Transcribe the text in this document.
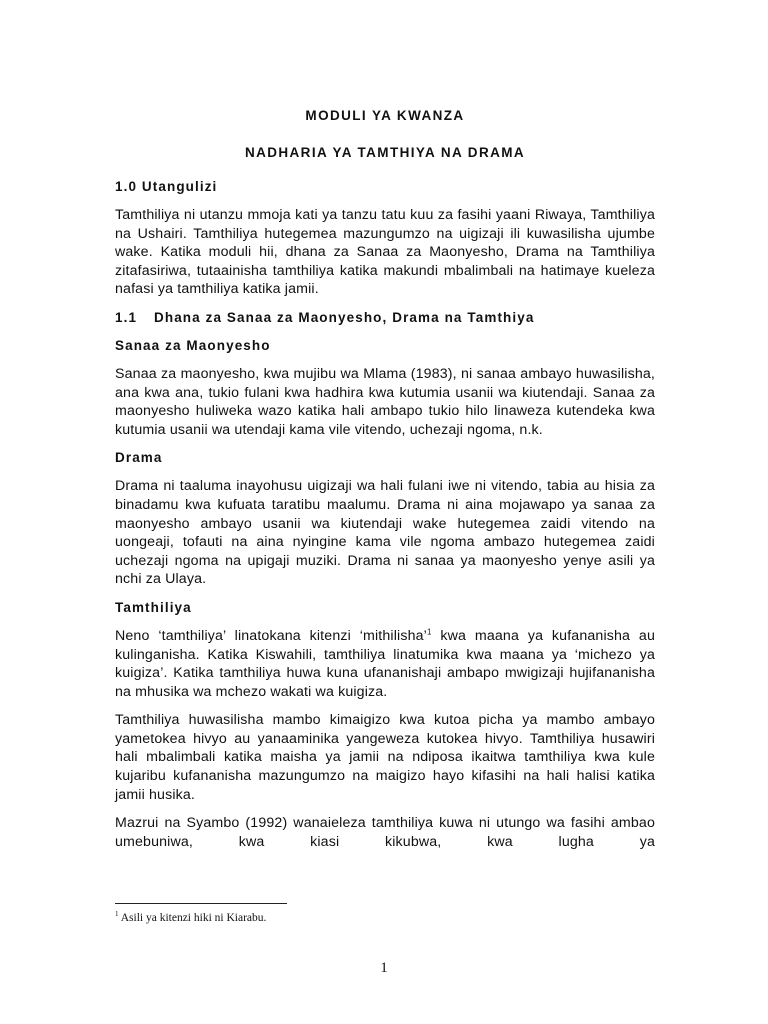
MODULI YA KWANZA

NADHARIA YA TAMTHIYA NA DRAMA

1.0 Utangulizi

Tamthiliya ni utanzu mmoja kati ya tanzu tatu kuu za fasihi yaani Riwaya, Tamthiliya na Ushairi. Tamthiliya hutegemea mazungumzo na uigizaji ili kuwasilisha ujumbe wake. Katika moduli hii, dhana za Sanaa za Maonyesho, Drama na Tamthiliya zitafasiriwa, tutaainisha tamthiliya katika makundi mbalimbali na hatimaye kueleza nafasi ya tamthiliya katika jamii.

1.1 Dhana za Sanaa za Maonyesho, Drama na Tamthiya

Sanaa za Maonyesho

Sanaa za maonyesho, kwa mujibu wa Mlama (1983), ni sanaa ambayo huwasilisha, ana kwa ana, tukio fulani kwa hadhira kwa kutumia usanii wa kiutendaji. Sanaa za maonyesho huliweka wazo katika hali ambapo tukio hilo linaweza kutendeka kwa kutumia usanii wa utendaji kama vile vitendo, uchezaji ngoma, n.k.

Drama

Drama ni taaluma inayohusu uigizaji wa hali fulani iwe ni vitendo, tabia au hisia za binadamu kwa kufuata taratibu maalumu. Drama ni aina mojawapo ya sanaa za maonyesho ambayo usanii wa kiutendaji wake hutegemea zaidi vitendo na uongeaji, tofauti na aina nyingine kama vile ngoma ambazo hutegemea zaidi uchezaji ngoma na upigaji muziki. Drama ni sanaa ya maonyesho yenye asili ya nchi za Ulaya.

Tamthiliya

Neno ‘tamthiliya’ linatokana kitenzi ‘mithilisha’$^1$ kwa maana ya kufananisha au kulinganisha. Katika Kiswahili, tamthiliya linatumika kwa maana ya ‘michezo ya kuigiza’. Katika tamthiliya huwa kuna ufananishaji ambapo mwigizaji hujifananisha na mhusika wa mchezo wakati wa kuigiza.

Tamthiliya huwasilisha mambo kimaigizo kwa kutoa picha ya mambo ambayo yametokea hivyo au yanaaminika yangeweza kutokea hivyo. Tamthiliya husawiri hali mbalimbali katika maisha ya jamii na ndiposa ikaitwa tamthiliya kwa kule kujaribu kufananisha mazungumzo na maigizo hayo kifasihi na hali halisi katika jamii husika.

Mazrui na Syambo (1992) wanaieleza tamthiliya kuwa ni utungo wa fasihi ambao umebuniwa, kwa kiasi kikubwa, kwa lugha ya

$^1$ Asili ya kitenzi hiki ni Kiarabu.
1
